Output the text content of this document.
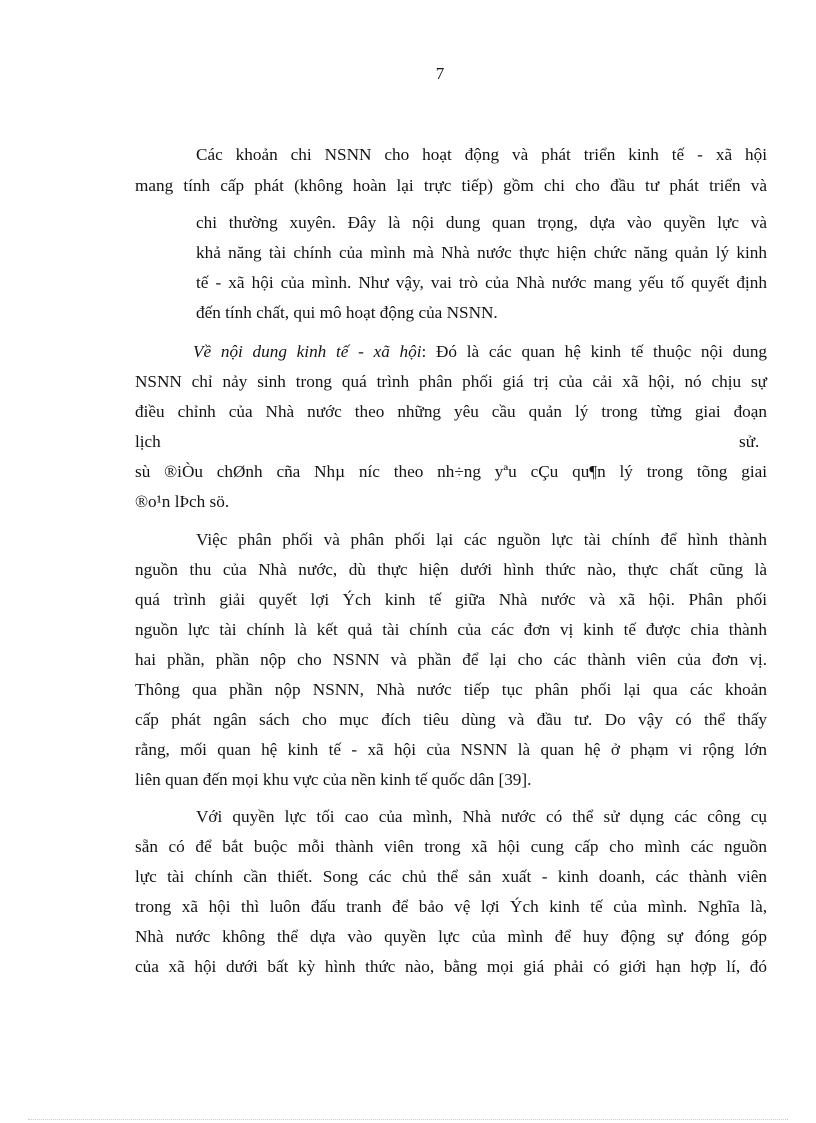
7
Các khoản chi NSNN cho hoạt động và phát triển kinh tế - xã hội
mang tính cấp phát (không hoàn lại trực tiếp) gồm chi cho đầu tư phát triển và
chi thường xuyên. Đây là nội dung quan trọng, dựa vào quyền lực và
khả năng tài chính của mình mà Nhà nước thực hiện chức năng quản lý kinh
tế - xã hội của mình. Như vậy, vai trò của Nhà nước mang yếu tố quyết định
đến tính chất, qui mô hoạt động của NSNN.
Về nội dung kinh tế - xã hội: Đó là các quan hệ kinh tế thuộc nội dung
NSNN chỉ nảy sinh trong quá trình phân phối giá trị của cải xã hội, nó chịu sự
điều chỉnh của Nhà nước theo những yêu cầu quản lý trong từng giai đoạn
lịch	sử.
sù ®iÒu chØnh cña Nhµ níc theo nh÷ng yªu cÇu qu¶n lý trong tõng giai
®o¹n lÞch sö.
Việc phân phối và phân phối lại các nguồn lực tài chính để hình thành
nguồn thu của Nhà nước, dù thực hiện dưới hình thức nào, thực chất cũng là
quá trình giải quyết lợi Ých kinh tế giữa Nhà nước và xã hội. Phân phối
nguồn lực tài chính là kết quả tài chính của các đơn vị kinh tế được chia thành
hai phần, phần nộp cho NSNN và phần để lại cho các thành viên của đơn vị.
Thông qua phần nộp NSNN, Nhà nước tiếp tục phân phối lại qua các khoản
cấp phát ngân sách cho mục đích tiêu dùng và đầu tư. Do vậy có thể thấy
rằng, mối quan hệ kinh tế - xã hội của NSNN là quan hệ ở phạm vi rộng lớn
liên quan đến mọi khu vực của nền kinh tế quốc dân [39].
Với quyền lực tối cao của mình, Nhà nước có thể sử dụng các công cụ
sẵn có để bắt buộc mỗi thành viên trong xã hội cung cấp cho mình các nguồn
lực tài chính cần thiết. Song các chủ thể sản xuất - kinh doanh, các thành viên
trong xã hội thì luôn đấu tranh để bảo vệ lợi Ých kinh tế của mình. Nghĩa là,
Nhà nước không thể dựa vào quyền lực của mình để huy động sự đóng góp
của xã hội dưới bất kỳ hình thức nào, bằng mọi giá phải có giới hạn hợp lí, đó
